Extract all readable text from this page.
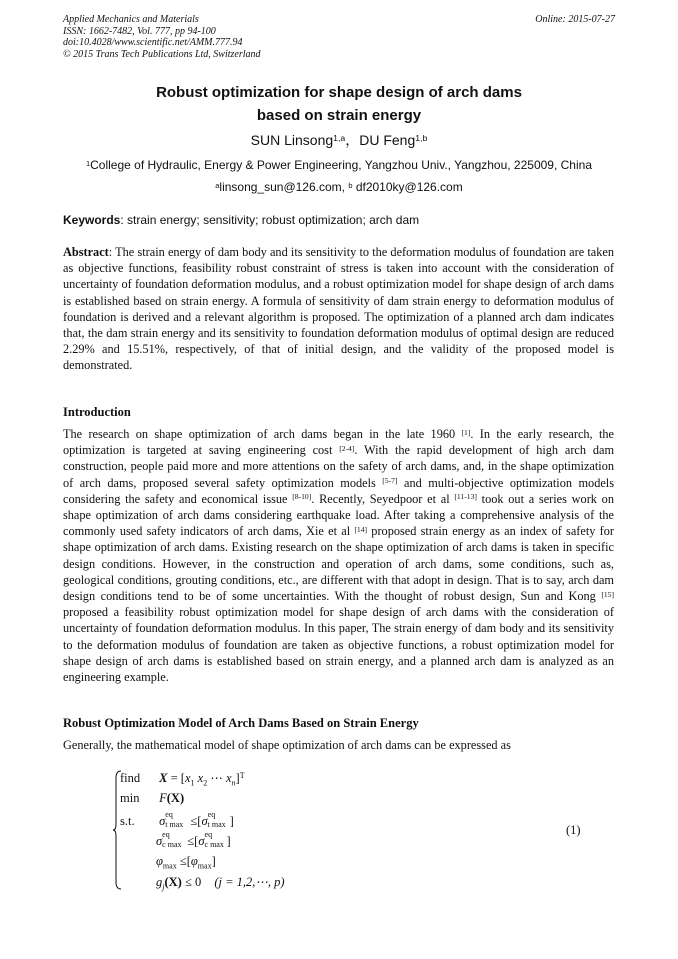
Applied Mechanics and Materials
ISSN: 1662-7482, Vol. 777, pp 94-100
doi:10.4028/www.scientific.net/AMM.777.94
© 2015 Trans Tech Publications Ltd, Switzerland
Online: 2015-07-27
Robust optimization for shape design of arch dams
based on strain energy
SUN Linsong$^{1,a}$，DU Feng$^{1,b}$
$^1$College of Hydraulic, Energy & Power Engineering, Yangzhou Univ., Yangzhou, 225009, China
$^a$linsong_sun@126.com, $^b$ df2010ky@126.com
Keywords: strain energy; sensitivity; robust optimization; arch dam
Abstract: The strain energy of dam body and its sensitivity to the deformation modulus of foundation are taken as objective functions, feasibility robust constraint of stress is taken into account with the consideration of uncertainty of foundation deformation modulus, and a robust optimization model for shape design of arch dams is established based on strain energy. A formula of sensitivity of dam strain energy to deformation modulus of foundation is derived and a relevant algorithm is proposed. The optimization of a planned arch dam indicates that, the dam strain energy and its sensitivity to foundation deformation modulus of optimal design are reduced 2.29% and 15.51%, respectively, of that of initial design, and the validity of the proposed model is demonstrated.
Introduction
The research on shape optimization of arch dams began in the late 1960 [1]. In the early research, the optimization is targeted at saving engineering cost [2-4]. With the rapid development of high arch dam construction, people paid more and more attentions on the safety of arch dams, and, in the shape optimization of arch dams, proposed several safety optimization models [5-7] and multi-objective optimization models considering the safety and economical issue [8-10]. Recently, Seyedpoor et al [11-13] took out a series work on shape optimization of arch dams considering earthquake load. After taking a comprehensive analysis of the commonly used safety indicators of arch dams, Xie et al [14] proposed strain energy as an index of safety for shape optimization of arch dams. Existing research on the shape optimization of arch dams is taken in specific design conditions. However, in the construction and operation of arch dams, some conditions, such as, geological conditions, grouting conditions, etc., are different with that adopt in design. That is to say, arch dam design conditions tend to be of some uncertainties. With the thought of robust design, Sun and Kong [15] proposed a feasibility robust optimization model for shape design of arch dams with the consideration of uncertainty of foundation deformation modulus. In this paper, The strain energy of dam body and its sensitivity to the deformation modulus of foundation are taken as objective functions, a robust optimization model for shape design of arch dams is established based on strain energy, and a planned arch dam is analyzed as an engineering example.
Robust Optimization Model of Arch Dams Based on Strain Energy
Generally, the mathematical model of shape optimization of arch dams can be expressed as
find $X = [x_1$ $x_2$ ⋯ $x_n]^T$
min F(X)
s.t. σ eq
t max ≤[σ eq
t max ]
σ eq
c max ≤[σ eq
c max ]
$\varphi_{max} \le[\varphi_{max}]$
$g_j(X) \le 0$ (j = 1,2,⋯, p)
(1)
